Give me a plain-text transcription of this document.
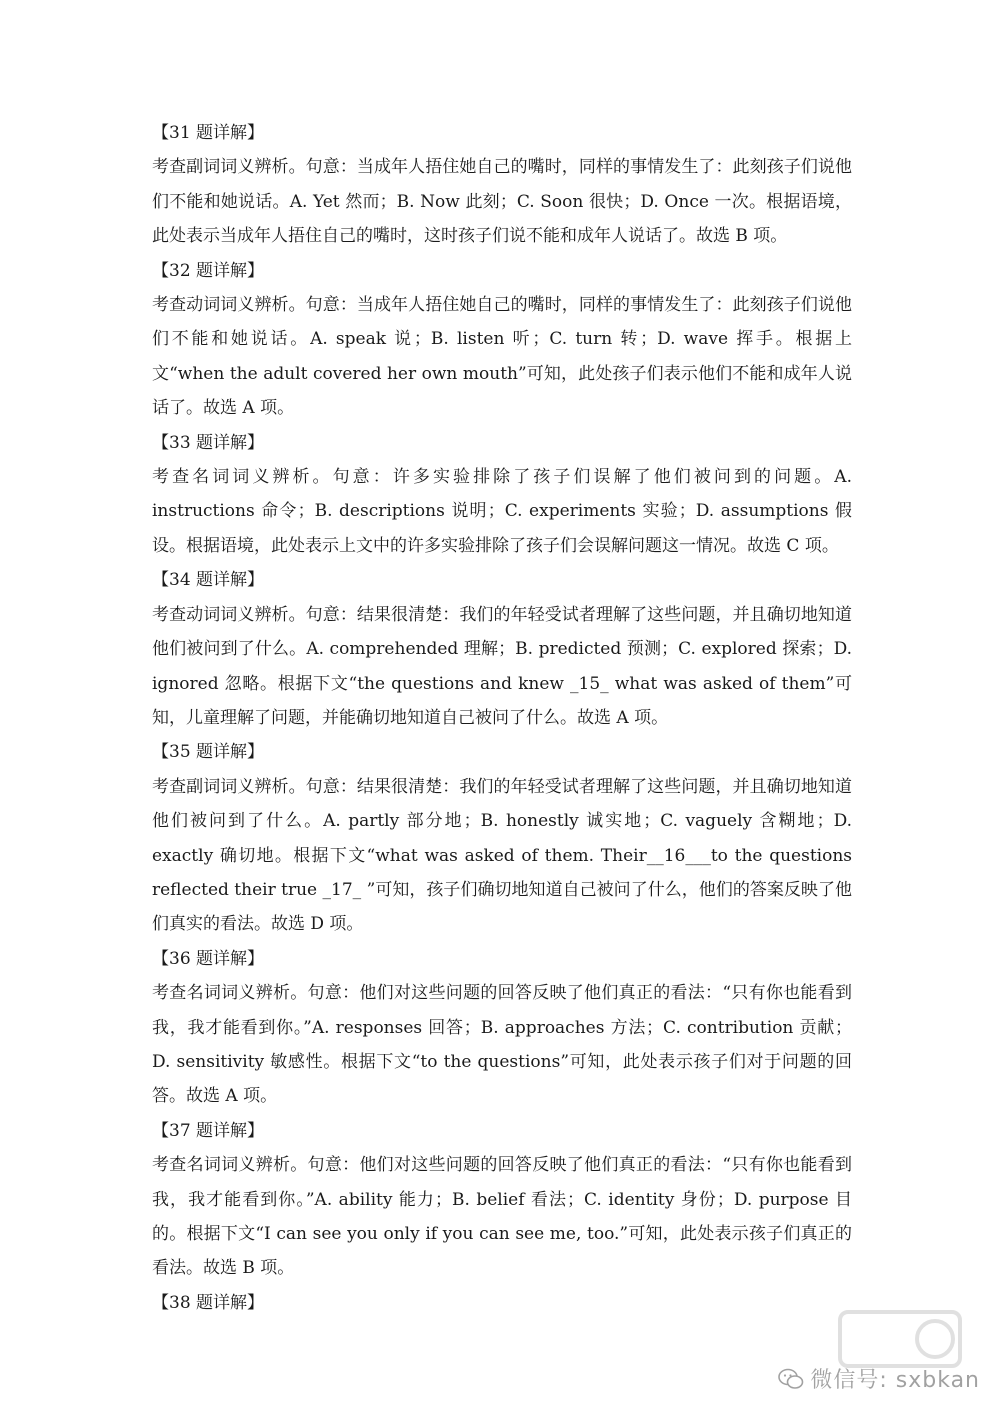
【31 题详解】

考查副词词义辨析。句意：当成年人捂住她自己的嘴时，同样的事情发生了：此刻孩子们说他们不能和她说话。A. Yet 然而；B. Now 此刻；C. Soon 很快；D. Once 一次。根据语境，此处表示当成年人捂住自己的嘴时，这时孩子们说不能和成年人说话了。故选 B 项。

【32 题详解】

考查动词词义辨析。句意：当成年人捂住她自己的嘴时，同样的事情发生了：此刻孩子们说他们不能和她说话。A. speak 说；B. listen 听；C. turn 转；D. wave 挥手。根据上文“when the adult covered her own mouth”可知，此处孩子们表示他们不能和成年人说话了。故选 A 项。

【33 题详解】

考查名词词义辨析。句意：许多实验排除了孩子们误解了他们被问到的问题。A. instructions 命令；B. descriptions 说明；C. experiments 实验；D. assumptions 假设。根据语境，此处表示上文中的许多实验排除了孩子们会误解问题这一情况。故选 C 项。

【34 题详解】

考查动词词义辨析。句意：结果很清楚：我们的年轻受试者理解了这些问题，并且确切地知道他们被问到了什么。A. comprehended 理解；B. predicted 预测；C. explored 探索；D. ignored 忽略。根据下文“the questions and knew _15_ what was asked of them”可知，儿童理解了问题，并能确切地知道自己被问了什么。故选 A 项。

【35 题详解】

考查副词词义辨析。句意：结果很清楚：我们的年轻受试者理解了这些问题，并且确切地知道他们被问到了什么。A. partly 部分地；B. honestly 诚实地；C. vaguely 含糊地；D. exactly 确切地。根据下文“what was asked of them. Their__16___to the questions reflected their true _17_ ”可知，孩子们确切地知道自己被问了什么，他们的答案反映了他们真实的看法。故选 D 项。

【36 题详解】

考查名词词义辨析。句意：他们对这些问题的回答反映了他们真正的看法：“只有你也能看到我，我才能看到你。”A. responses 回答；B. approaches 方法；C. contribution 贡献；D. sensitivity 敏感性。根据下文“to the questions”可知，此处表示孩子们对于问题的回答。故选 A 项。

【37 题详解】

考查名词词义辨析。句意：他们对这些问题的回答反映了他们真正的看法：“只有你也能看到我，我才能看到你。”A. ability 能力；B. belief 看法；C. identity 身份；D. purpose 目的。根据下文“I can see you only if you can see me, too.”可知，此处表示孩子们真正的看法。故选 B 项。

【38 题详解】

微信号: sxbkan
